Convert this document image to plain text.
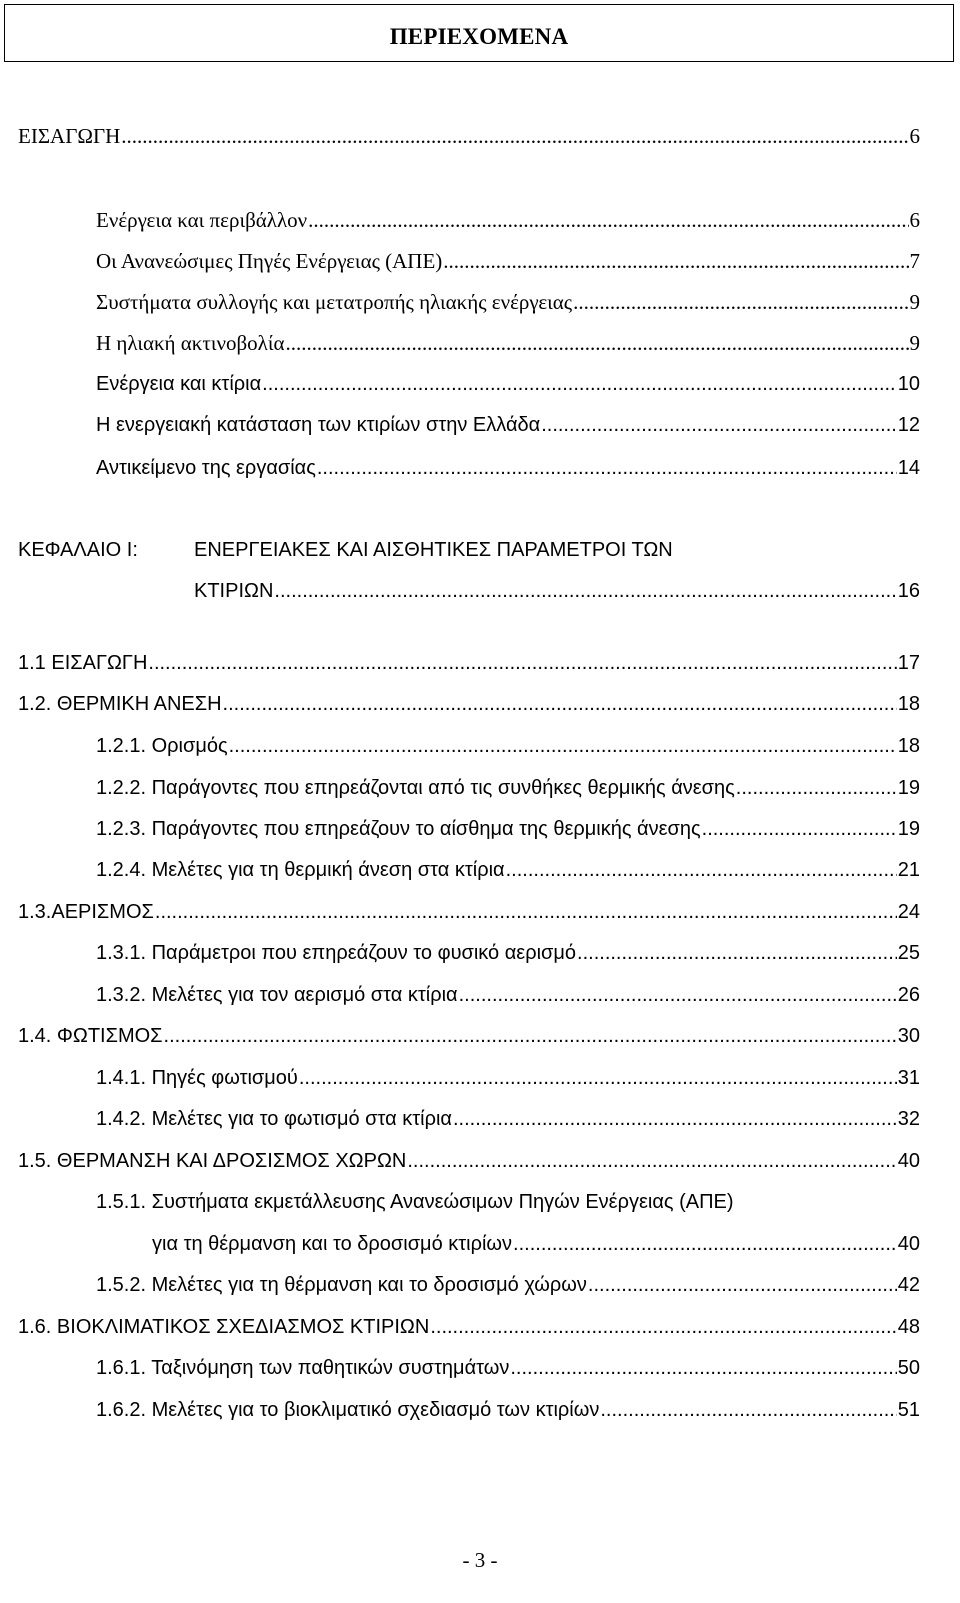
ΠΕΡΙΕΧΟΜΕΝΑ
ΕΙΣΑΓΩΓΗ .....	6
Ενέργεια και περιβάλλον .....	6
Οι Ανανεώσιμες Πηγές Ενέργειας (ΑΠΕ) .....	7
Συστήματα συλλογής και μετατροπής ηλιακής ενέργειας .....	9
Η ηλιακή ακτινοβολία .....	9
Ενέργεια και κτίρια .....	10
Η ενεργειακή κατάσταση των κτιρίων στην Ελλάδα .....	12
Αντικείμενο της εργασίας .....	14
ΚΕΦΑΛΑΙΟ Ι:	ΕΝΕΡΓΕΙΑΚΕΣ ΚΑΙ ΑΙΣΘΗΤΙΚΕΣ ΠΑΡΑΜΕΤΡΟΙ ΤΩΝ
ΚΤΙΡΙΩΝ .....	16
1.1 ΕΙΣΑΓΩΓΗ .....	17
1.2. ΘΕΡΜΙΚΗ ΑΝΕΣΗ .....	18
1.2.1. Ορισμός .....	18
1.2.2. Παράγοντες που επηρεάζονται από τις συνθήκες θερμικής άνεσης .....	19
1.2.3. Παράγοντες που επηρεάζουν το αίσθημα της θερμικής άνεσης .....	19
1.2.4. Μελέτες για τη θερμική άνεση στα κτίρια .....	21
1.3.ΑΕΡΙΣΜΟΣ .....	24
1.3.1. Παράμετροι που επηρεάζουν το φυσικό αερισμό .....	25
1.3.2. Μελέτες για τον αερισμό στα κτίρια .....	26
1.4. ΦΩΤΙΣΜΟΣ .....	30
1.4.1. Πηγές φωτισμού .....	31
1.4.2. Μελέτες για το φωτισμό στα κτίρια .....	32
1.5. ΘΕΡΜΑΝΣΗ ΚΑΙ ΔΡΟΣΙΣΜΟΣ ΧΩΡΩΝ .....	40
1.5.1. Συστήματα εκμετάλλευσης Ανανεώσιμων Πηγών Ενέργειας (ΑΠΕ)
για τη θέρμανση και το δροσισμό κτιρίων .....	40
1.5.2. Μελέτες για τη θέρμανση και το δροσισμό χώρων .....	42
1.6. ΒΙΟΚΛΙΜΑΤΙΚΟΣ ΣΧΕΔΙΑΣΜΟΣ ΚΤΙΡΙΩΝ .....	48
1.6.1. Ταξινόμηση των παθητικών συστημάτων .....	50
1.6.2. Μελέτες για το βιοκλιματικό σχεδιασμό των κτιρίων .....	51
- 3 -
